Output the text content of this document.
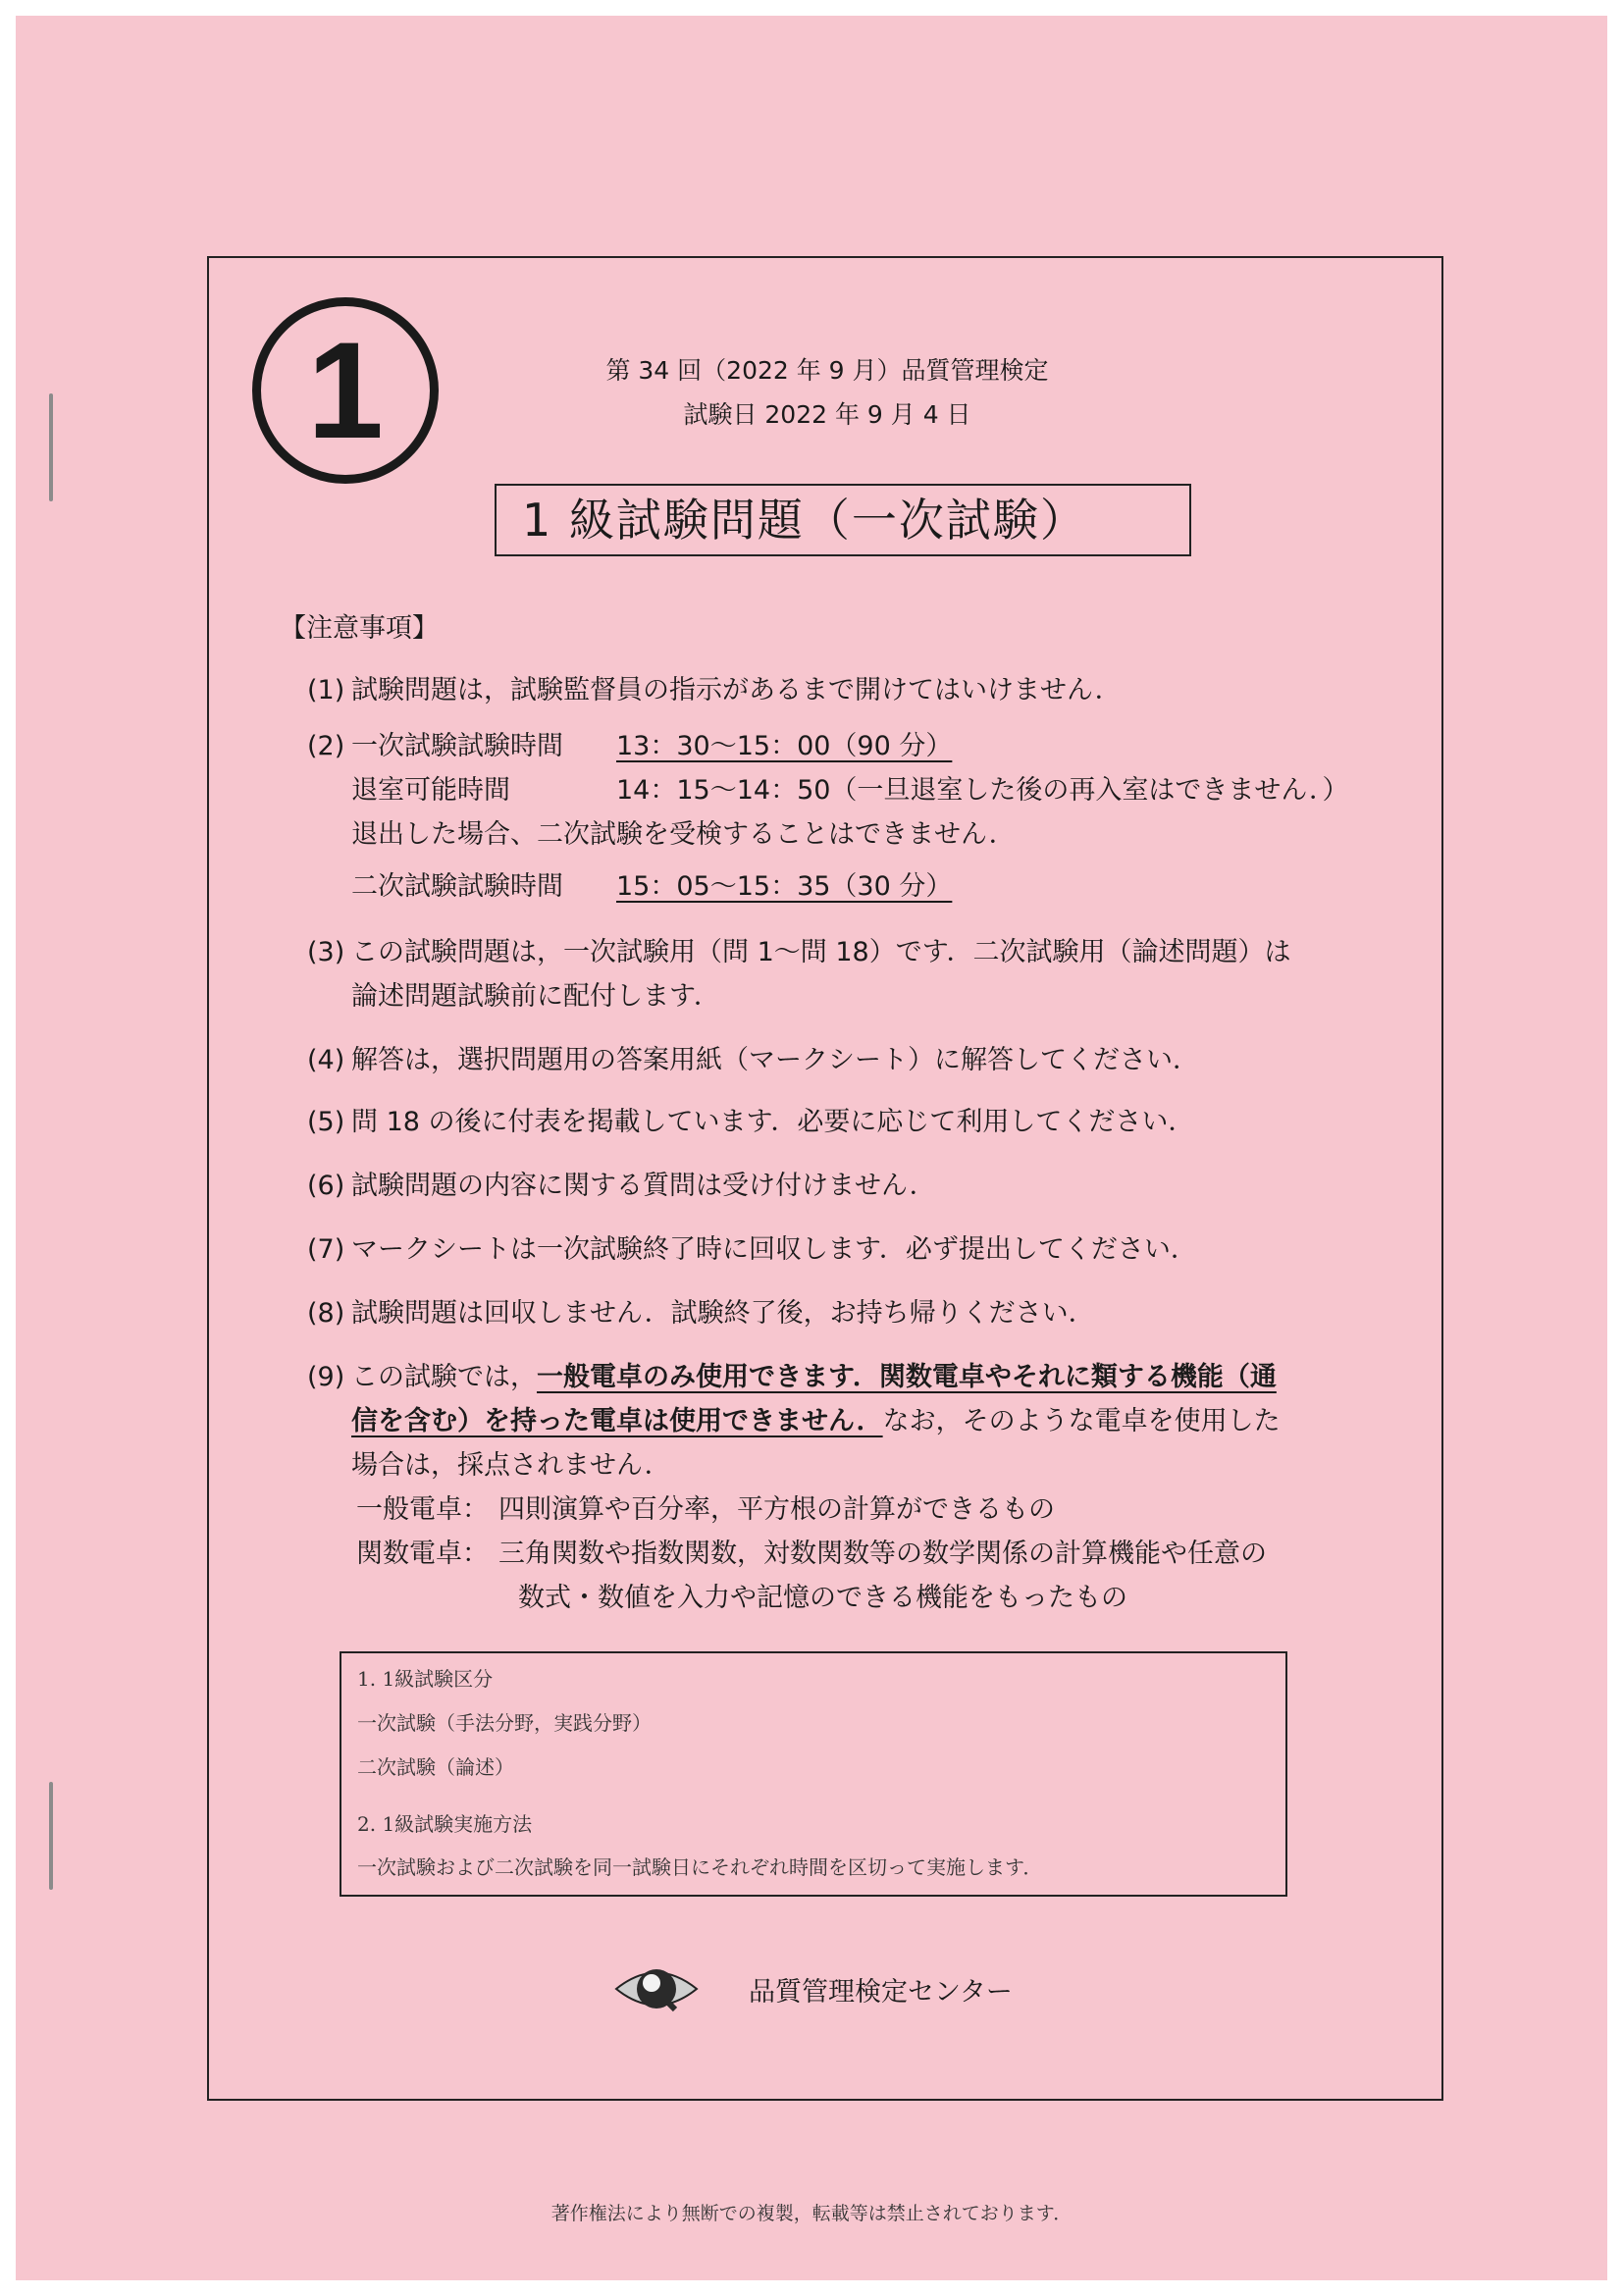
1	第 34 回（2022 年 9 月）品質管理検定
試験日 2022 年 9 月 4 日
1 級試験問題（一次試験）
【注意事項】
(1) 試験問題は，試験監督員の指示があるまで開けてはいけません．

(2) 一次試験試験時間 13：30～15：00（90 分）

退室可能時間	14：15～14：50（一旦退室した後の再入室はできません．）

退出した場合、二次試験を受検することはできません．

二次試験試験時間 15：05～15：35（30 分）

(3) この試験問題は，一次試験用（問 1～問 18）です．二次試験用（論述問題）は

論述問題試験前に配付します．

(4) 解答は，選択問題用の答案用紙（マークシート）に解答してください．

(5) 問 18 の後に付表を掲載しています．必要に応じて利用してください．

(6) 試験問題の内容に関する質問は受け付けません．

(7) マークシートは一次試験終了時に回収します．必ず提出してください．

(8) 試験問題は回収しません．試験終了後，お持ち帰りください．

(9) この試験では，一般電卓のみ使用できます．関数電卓やそれに類する機能（通

信を含む）を持った電卓は使用できません．なお，そのような電卓を使用した

場合は，採点されません．

一般電卓： 四則演算や百分率，平方根の計算ができるもの

関数電卓： 三角関数や指数関数，対数関数等の数学関係の計算機能や任意の

数式・数値を入力や記憶のできる機能をもったもの

1. 1級試験区分
一次試験（手法分野，実践分野）
二次試験（論述）
2. 1級試験実施方法
一次試験および二次試験を同一試験日にそれぞれ時間を区切って実施します．
品質管理検定センター
著作権法により無断での複製，転載等は禁止されております．
